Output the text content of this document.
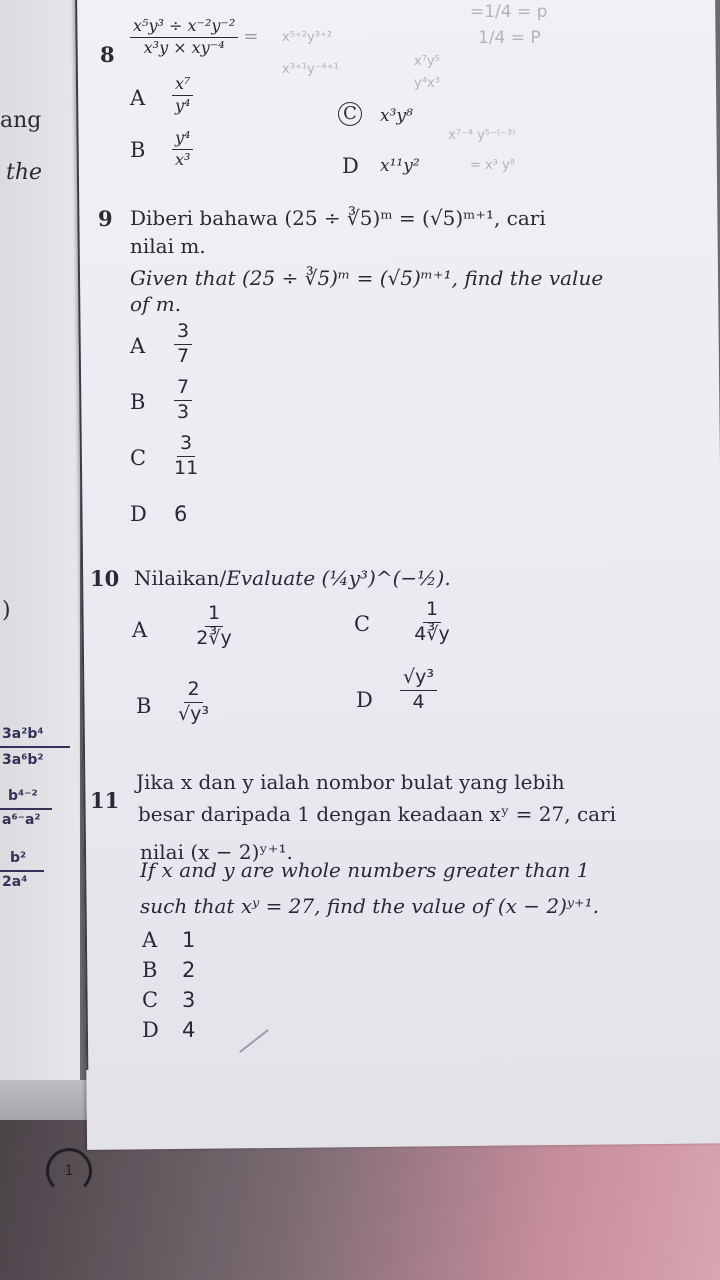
ang
the
)
3a²b⁴
3a⁶b²
b⁴⁻²
a⁶⁻a²
b²
2a⁴
=1/4 = p
1/4 = P
x⁵⁺²y³⁺²
x³⁺¹y⁻⁴⁺¹
x⁷y⁵
y⁴x³
x⁷⁻⁴ y⁵⁻⁽⁻³⁾
= x³ y⁸
$8 \frac{\text{x⁵y³ ÷ x⁻²y⁻²}}{\text{x³y × xy⁻⁴}}$ =
A $\frac{\text{x⁷}}{\text{y⁴}}$
B $\frac{\text{y⁴}}{\text{x³}}$
C	x³y⁸
D x¹¹y²
9 Diberi bahawa (25 ÷ ∛5)ᵐ = (√5)ᵐ⁺¹, cari
nilai m.
Given that (25 ÷ ∛5)ᵐ = (√5)ᵐ⁺¹, find the value
of m.
A $\frac{3}{7}$
B $\frac{7}{3}$
C $\frac{3}{11}$
D 6
10 Nilaikan/Evaluate (¼y³)^(−½).
A $\frac{1}{2∛y}$	C $\frac{1}{4∛y}$
B $\frac{2}{\text{√y³}}$	D $\frac{\text{√y³}}{4}$
11
Jika x dan y ialah nombor bulat yang lebih
besar daripada 1 dengan keadaan xʸ = 27, cari
nilai (x − 2)ʸ⁺¹.
If x and y are whole numbers greater than 1
such that xʸ = 27, find the value of (x − 2)ʸ⁺¹.
A 1
B 2
C 3
D 4
1
